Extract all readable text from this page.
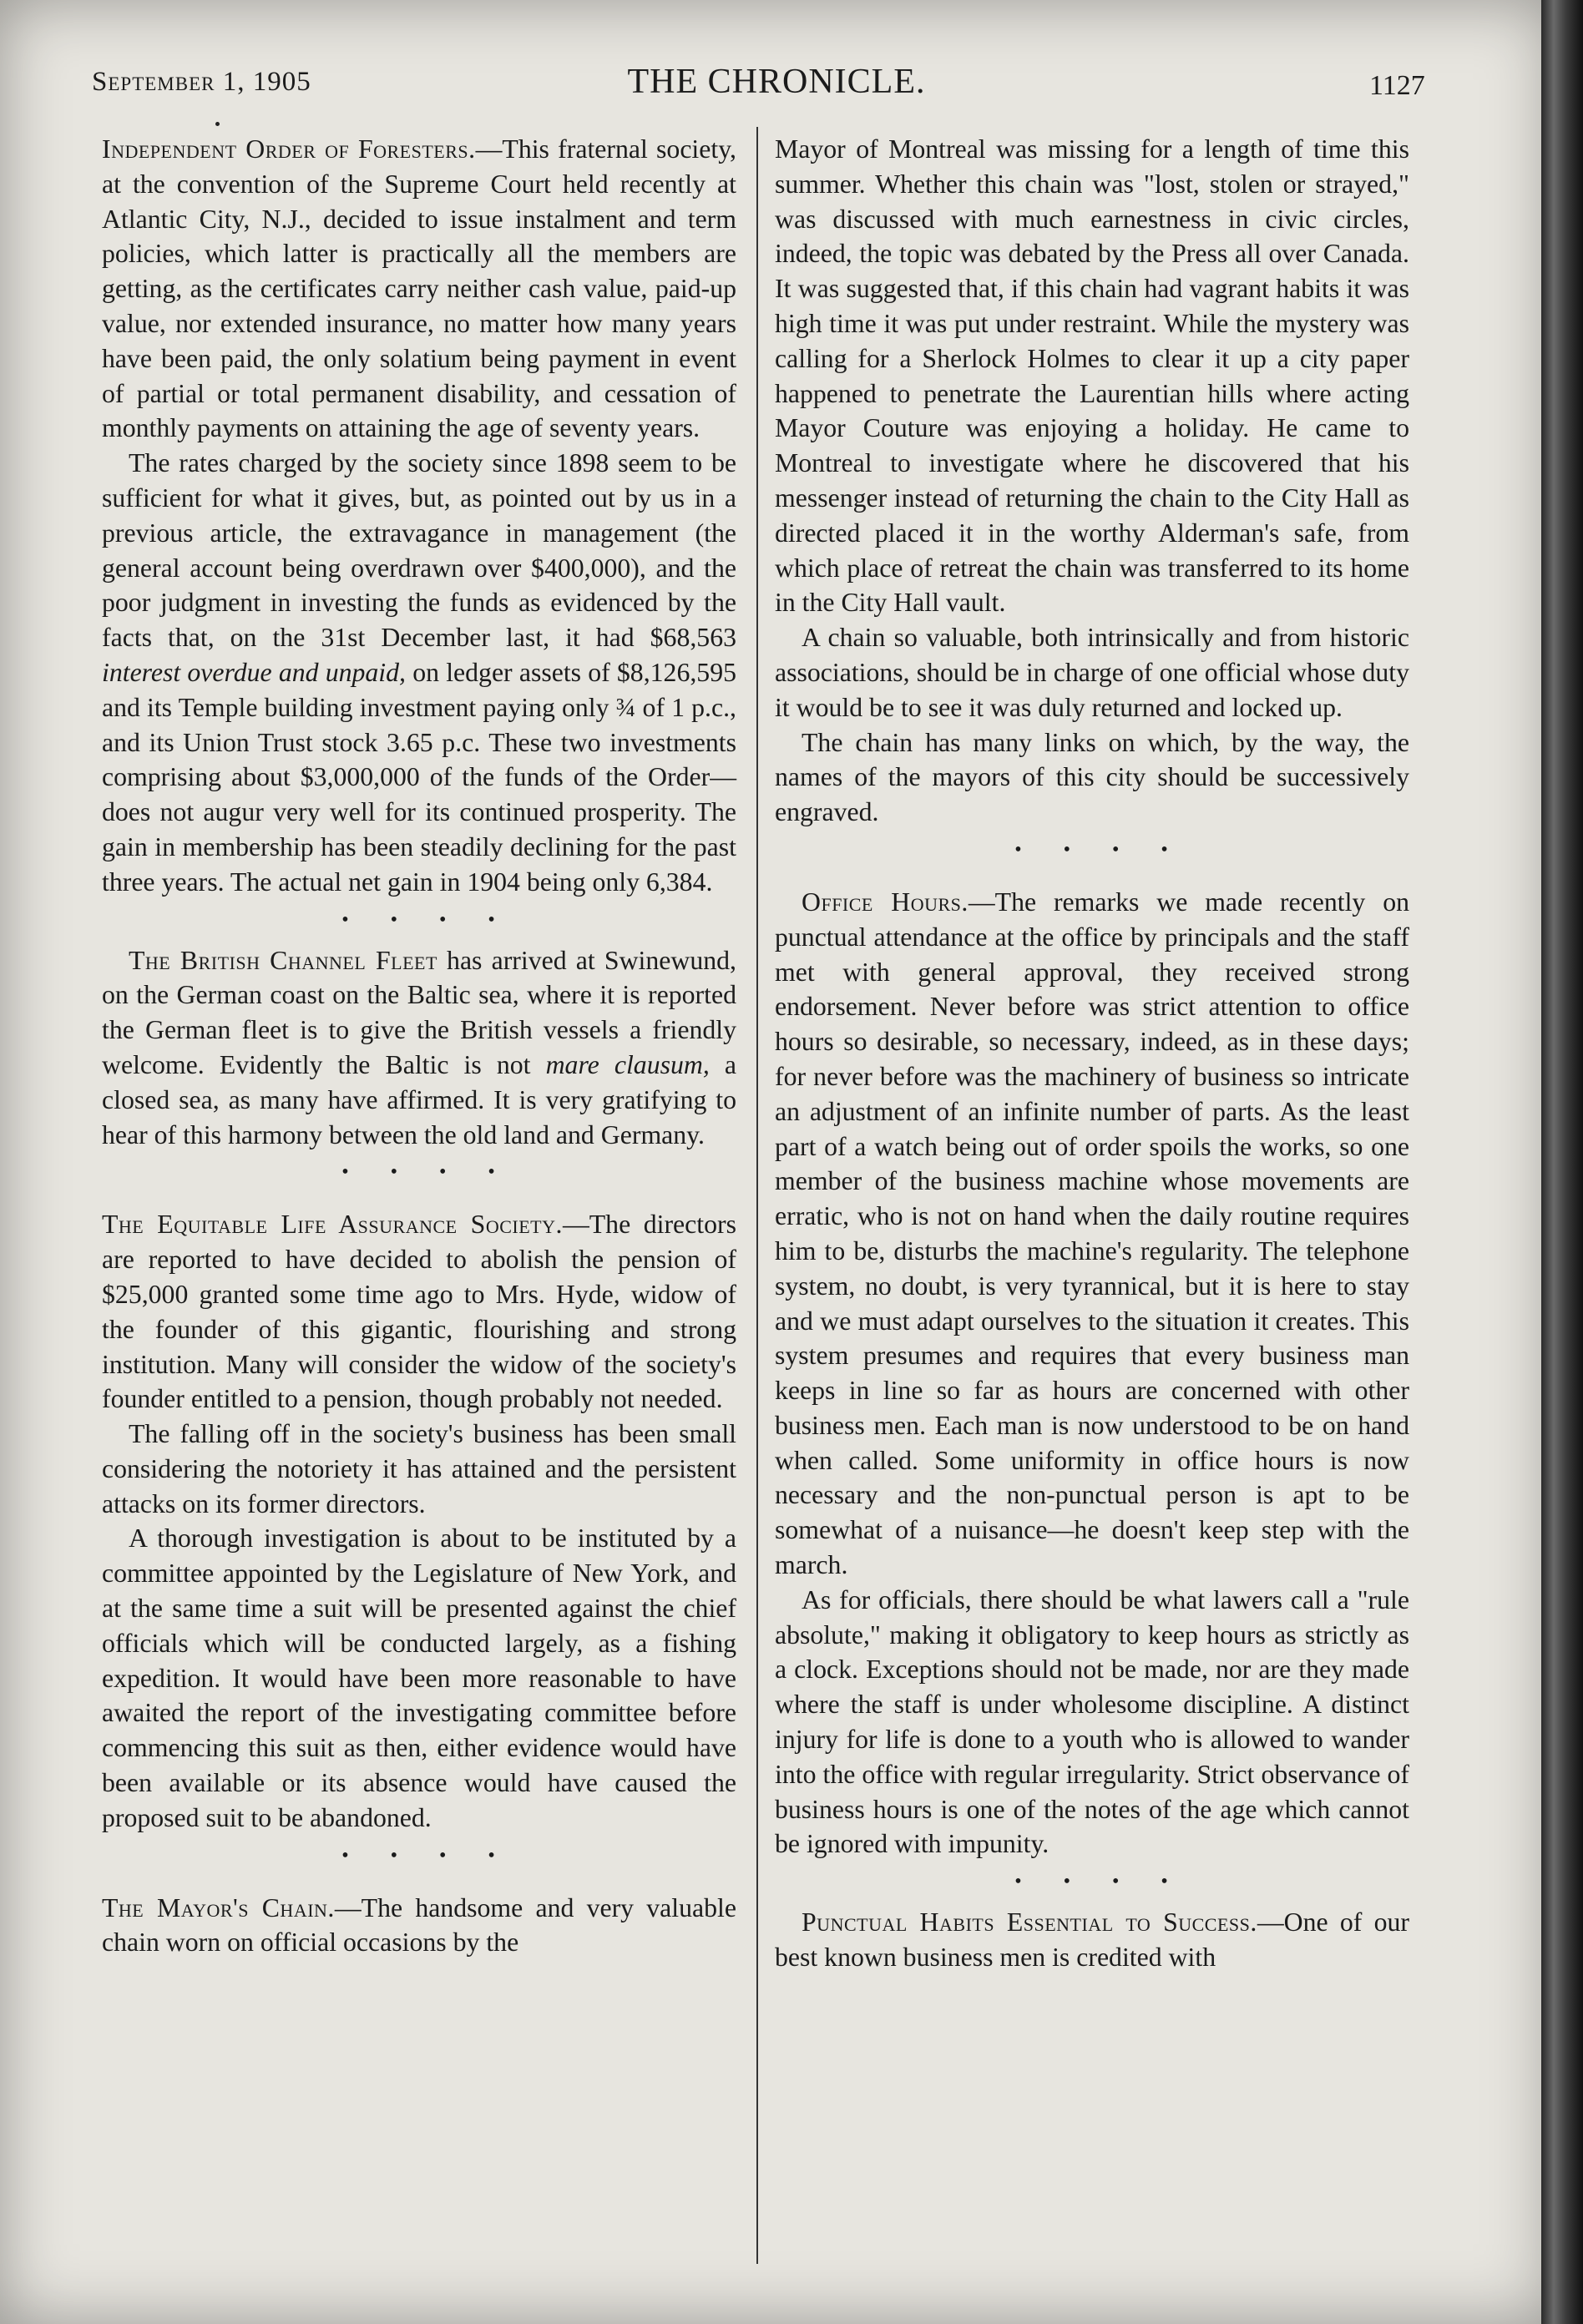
September 1, 1905	THE CHRONICLE.	1127

Independent Order of Foresters.—This fraternal society, at the convention of the Supreme Court held recently at Atlantic City, N.J., decided to issue instalment and term policies, which latter is practically all the members are getting, as the certificates carry neither cash value, paid-up value, nor extended insurance, no matter how many years have been paid, the only solatium being payment in event of partial or total permanent disability, and cessation of monthly payments on attaining the age of seventy years.

The rates charged by the society since 1898 seem to be sufficient for what it gives, but, as pointed out by us in a previous article, the extravagance in management (the general account being overdrawn over $400,000), and the poor judgment in investing the funds as evidenced by the facts that, on the 31st December last, it had $68,563 interest overdue and unpaid, on ledger assets of $8,126,595 and its Temple building investment paying only ¾ of 1 p.c., and its Union Trust stock 3.65 p.c. These two investments comprising about $3,000,000 of the funds of the Order—does not augur very well for its continued prosperity. The gain in membership has been steadily declining for the past three years. The actual net gain in 1904 being only 6,384.

• • • •

The British Channel Fleet has arrived at Swinewund, on the German coast on the Baltic sea, where it is reported the German fleet is to give the British vessels a friendly welcome. Evidently the Baltic is not mare clausum, a closed sea, as many have affirmed. It is very gratifying to hear of this harmony between the old land and Germany.

• • • •

The Equitable Life Assurance Society.—The directors are reported to have decided to abolish the pension of $25,000 granted some time ago to Mrs. Hyde, widow of the founder of this gigantic, flourishing and strong institution. Many will consider the widow of the society's founder entitled to a pension, though probably not needed.

The falling off in the society's business has been small considering the notoriety it has attained and the persistent attacks on its former directors.

A thorough investigation is about to be instituted by a committee appointed by the Legislature of New York, and at the same time a suit will be presented against the chief officials which will be conducted largely, as a fishing expedition. It would have been more reasonable to have awaited the report of the investigating committee before commencing this suit as then, either evidence would have been available or its absence would have caused the proposed suit to be abandoned.

• • • •

The Mayor's Chain.—The handsome and very valuable chain worn on official occasions by the

Mayor of Montreal was missing for a length of time this summer. Whether this chain was "lost, stolen or strayed," was discussed with much earnestness in civic circles, indeed, the topic was debated by the Press all over Canada. It was suggested that, if this chain had vagrant habits it was high time it was put under restraint. While the mystery was calling for a Sherlock Holmes to clear it up a city paper happened to penetrate the Laurentian hills where acting Mayor Couture was enjoying a holiday. He came to Montreal to investigate where he discovered that his messenger instead of returning the chain to the City Hall as directed placed it in the worthy Alderman's safe, from which place of retreat the chain was transferred to its home in the City Hall vault.

A chain so valuable, both intrinsically and from historic associations, should be in charge of one official whose duty it would be to see it was duly returned and locked up.

The chain has many links on which, by the way, the names of the mayors of this city should be successively engraved.

• • • •

Office Hours.—The remarks we made recently on punctual attendance at the office by principals and the staff met with general approval, they received strong endorsement. Never before was strict attention to office hours so desirable, so necessary, indeed, as in these days; for never before was the machinery of business so intricate an adjustment of an infinite number of parts. As the least part of a watch being out of order spoils the works, so one member of the business machine whose movements are erratic, who is not on hand when the daily routine requires him to be, disturbs the machine's regularity. The telephone system, no doubt, is very tyrannical, but it is here to stay and we must adapt ourselves to the situation it creates. This system presumes and requires that every business man keeps in line so far as hours are concerned with other business men. Each man is now understood to be on hand when called. Some uniformity in office hours is now necessary and the non-punctual person is apt to be somewhat of a nuisance—he doesn't keep step with the march.

As for officials, there should be what lawers call a "rule absolute," making it obligatory to keep hours as strictly as a clock. Exceptions should not be made, nor are they made where the staff is under wholesome discipline. A distinct injury for life is done to a youth who is allowed to wander into the office with regular irregularity. Strict observance of business hours is one of the notes of the age which cannot be ignored with impunity.

• • • •

Punctual Habits Essential to Success.—One of our best known business men is credited with
